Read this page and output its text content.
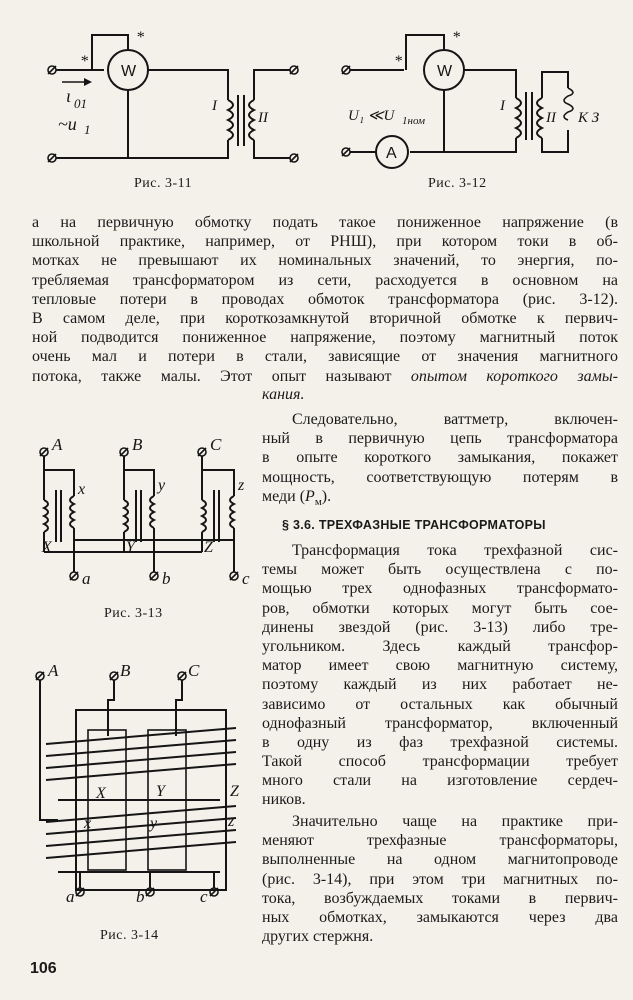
*
*
W
ι 01
~u 1
I
II
Рис. 3-11
*
*
W
A
U₁ ≪U 1ном
I
II К З
Рис. 3-12
а на первичную обмотку подать такое пониженное напряжение (в
школьной практике, например, от РНШ), при котором токи в об-
мотках не превышают их номинальных значений, то энергия, по-
требляемая трансформатором из сети, расходуется в основном на
тепловые потери в проводах обмоток трансформатора (рис. 3-12).
В самом деле, при короткозамкнутой вторичной обмотке к первич-
ной подводится пониженное напряжение, поэтому магнитный поток
очень мал и потери в стали, зависящие от значения магнитного
потока, также малы. Этот опыт называют опытом короткого замы-
A	B	C
x	y	z
X	Y	Z
a	b	c
Рис. 3-13
A	B	C
X	Y	Z
x	y	z
a	b	c
Рис. 3-14
кания.
Следовательно, ваттметр, включен-
ный в первичную цепь трансформатора
в опыте короткого замыкания, покажет
мощность, соответствующую потерям в
меди $(P_м)$.
§ 3.6. ТРЕХФАЗНЫЕ ТРАНСФОРМАТОРЫ
Трансформация тока трехфазной сис-
темы может быть осуществлена с по-
мощью трех однофазных трансформато-
ров, обмотки которых могут быть сое-
динены звездой (рис. 3-13) либо тре-
угольником. Здесь каждый трансфор-
матор имеет свою магнитную систему,
поэтому каждый из них работает не-
зависимо от остальных как обычный
однофазный трансформатор, включенный
в одну из фаз трехфазной системы.
Такой способ трансформации требует
много стали на изготовление сердеч-
ников.
Значительно чаще на практике при-
меняют трехфазные трансформаторы,
выполненные на одном магнитопроводе
(рис. 3-14), при этом три магнитных по-
тока, возбуждаемых токами в первич-
ных обмотках, замыкаются через два
других стержня.
106
